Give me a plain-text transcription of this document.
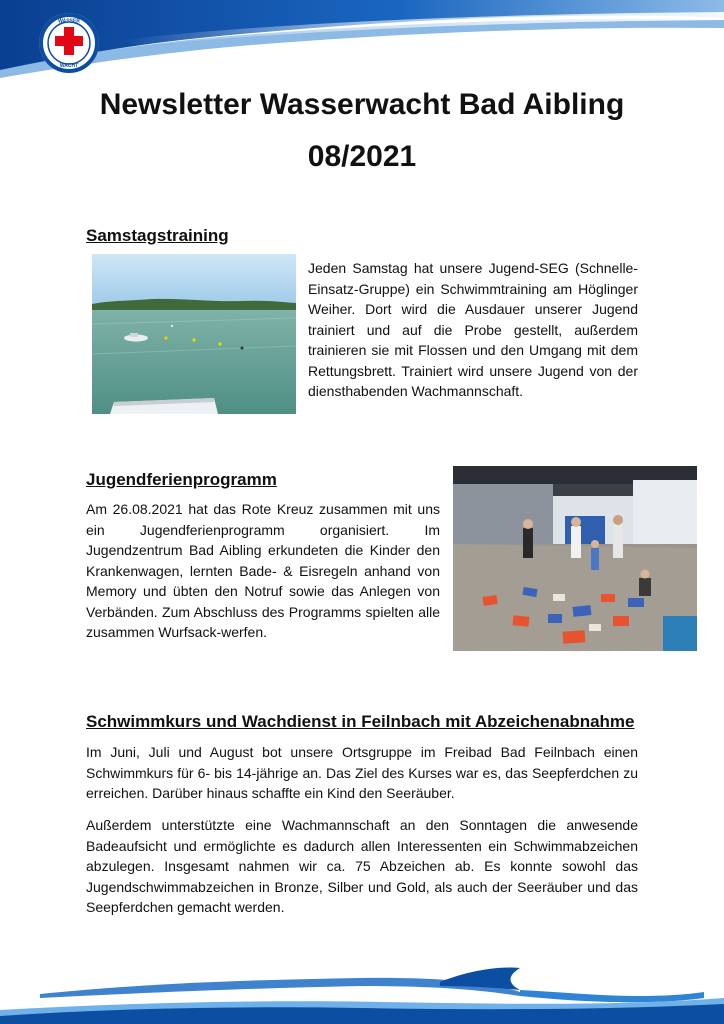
WASSER
WACHT
Newsletter Wasserwacht Bad Aibling
08/2021
Samstagstraining
Jeden Samstag hat unsere Jugend-SEG (Schnelle-Einsatz-Gruppe) ein Schwimmtraining am Höglinger Weiher. Dort wird die Ausdauer unserer Jugend trainiert und auf die Probe gestellt, außerdem trainieren sie mit Flossen und den Umgang mit dem Rettungsbrett. Trainiert wird unsere Jugend von der diensthabenden Wachmannschaft.
Jugendferienprogramm
Am 26.08.2021 hat das Rote Kreuz zusammen mit uns ein Jugendferienprogramm organisiert. Im Jugendzentrum Bad Aibling erkundeten die Kinder den Krankenwagen, lernten Bade- & Eisregeln anhand von Memory und übten den Notruf sowie das Anlegen von Verbänden. Zum Abschluss des Programms spielten alle zusammen Wurfsack-werfen.
Schwimmkurs und Wachdienst in Feilnbach mit Abzeichenabnahme
Im Juni, Juli und August bot unsere Ortsgruppe im Freibad Bad Feilnbach einen Schwimmkurs für 6- bis 14-jährige an. Das Ziel des Kurses war es, das Seepferdchen zu erreichen. Darüber hinaus schaffte ein Kind den Seeräuber.
Außerdem unterstützte eine Wachmannschaft an den Sonntagen die anwesende Badeaufsicht und ermöglichte es dadurch allen Interessenten ein Schwimmabzeichen abzulegen. Insgesamt nahmen wir ca. 75 Abzeichen ab. Es konnte sowohl das Jugendschwimmabzeichen in Bronze, Silber und Gold, als auch der Seeräuber und das Seepferdchen gemacht werden.
